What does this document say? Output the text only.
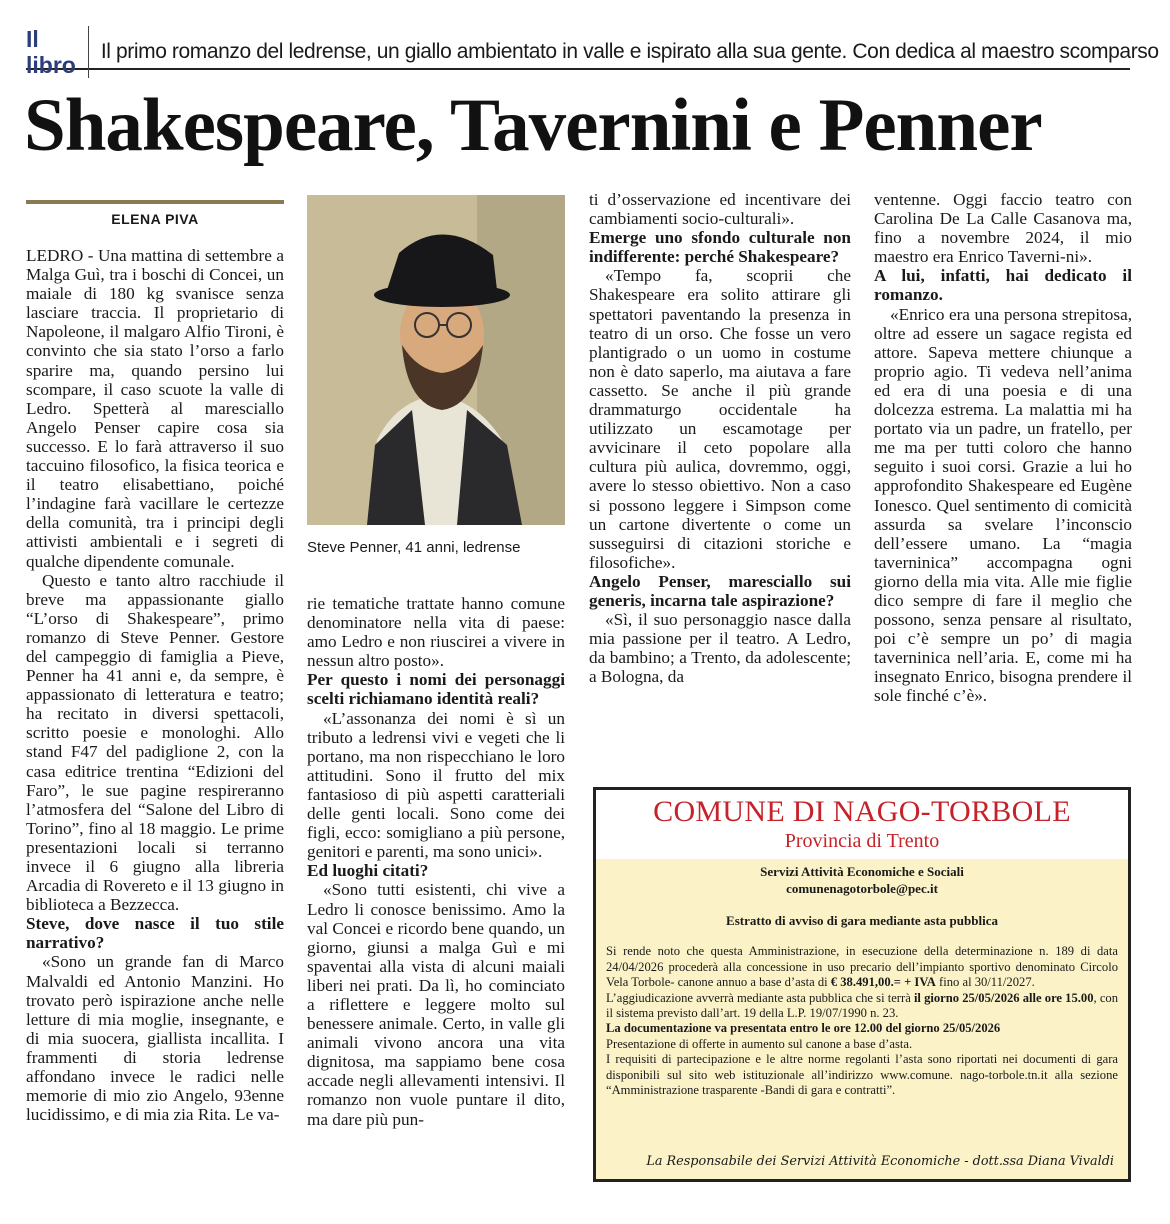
Il libro
Il primo romanzo del ledrense, un giallo ambientato in valle e ispirato alla sua gente. Con dedica al maestro scomparso
Shakespeare, Tavernini e Penner
ELENA PIVA

LEDRO - Una mattina di settembre a Malga Guì, tra i boschi di Concei, un maiale di 180 kg svanisce senza lasciare traccia. Il proprietario di Napoleone, il malgaro Alfio Tironi, è convinto che sia stato l’orso a farlo sparire ma, quando persino lui scompare, il caso scuote la valle di Ledro. Spetterà al maresciallo Angelo Penser capire cosa sia successo. E lo farà attraverso il suo taccuino filosofico, la fisica teorica e il teatro elisabettiano, poiché l’indagine farà vacillare le certezze della comunità, tra i principi degli attivisti ambientali e i segreti di qualche dipendente comunale.

Questo e tanto altro racchiude il breve ma appassionante giallo “L’orso di Shakespeare”, primo romanzo di Steve Penner. Gestore del campeggio di famiglia a Pieve, Penner ha 41 anni e, da sempre, è appassionato di letteratura e teatro; ha recitato in diversi spettacoli, scritto poesie e monologhi. Allo stand F47 del padiglione 2, con la casa editrice trentina “Edizioni del Faro”, le sue pagine respireranno l’atmosfera del “Salone del Libro di Torino”, fino al 18 maggio. Le prime presentazioni locali si terranno invece il 6 giugno alla libreria Arcadia di Rovereto e il 13 giugno in biblioteca a Bezzecca.

Steve, dove nasce il tuo stile narrativo?

«Sono un grande fan di Marco Malvaldi ed Antonio Manzini. Ho trovato però ispirazione anche nelle letture di mia moglie, insegnante, e di mia suocera, giallista incallita. I frammenti di storia ledrense affondano invece le radici nelle memorie di mio zio Angelo, 93enne lucidissimo, e di mia zia Rita. Le va-

Steve Penner, 41 anni, ledrense

rie tematiche trattate hanno comune denominatore nella vita di paese: amo Ledro e non riuscirei a vivere in nessun altro posto».

Per questo i nomi dei personaggi scelti richiamano identità reali?

«L’assonanza dei nomi è sì un tributo a ledrensi vivi e vegeti che li portano, ma non rispecchiano le loro attitudini. Sono il frutto del mix fantasioso di più aspetti caratteriali delle genti locali. Sono come dei figli, ecco: somigliano a più persone, genitori e parenti, ma sono unici».

Ed luoghi citati?

«Sono tutti esistenti, chi vive a Ledro li conosce benissimo. Amo la val Concei e ricordo bene quando, un giorno, giunsi a malga Guì e mi spaventai alla vista di alcuni maiali liberi nei prati. Da lì, ho cominciato a riflettere e leggere molto sul benessere animale. Certo, in valle gli animali vivono ancora una vita dignitosa, ma sappiamo bene cosa accade negli allevamenti intensivi. Il romanzo non vuole puntare il dito, ma dare più pun-

ti d’osservazione ed incentivare dei cambiamenti socio-culturali».

Emerge uno sfondo culturale non indifferente: perché Shakespeare?

«Tempo fa, scoprii che Shakespeare era solito attirare gli spettatori paventando la presenza in teatro di un orso. Che fosse un vero plantigrado o un uomo in costume non è dato saperlo, ma aiutava a fare cassetto. Se anche il più grande drammaturgo occidentale ha utilizzato un escamotage per avvicinare il ceto popolare alla cultura più aulica, dovremmo, oggi, avere lo stesso obiettivo. Non a caso si possono leggere i Simpson come un cartone divertente o come un susseguirsi di citazioni storiche e filosofiche».

Angelo Penser, maresciallo sui generis, incarna tale aspirazione?

«Sì, il suo personaggio nasce dalla mia passione per il teatro. A Ledro, da bambino; a Trento, da adolescente; a Bologna, da

ventenne. Oggi faccio teatro con Carolina De La Calle Casanova ma, fino a novembre 2024, il mio maestro era Enrico Taverni-ni».

A lui, infatti, hai dedicato il romanzo.

«Enrico era una persona strepitosa, oltre ad essere un sagace regista ed attore. Sapeva mettere chiunque a proprio agio. Ti vedeva nell’anima ed era di una poesia e di una dolcezza estrema. La malattia mi ha portato via un padre, un fratello, per me ma per tutti coloro che hanno seguito i suoi corsi. Grazie a lui ho approfondito Shakespeare ed Eugène Ionesco. Quel sentimento di comicità assurda sa svelare l’inconscio dell’essere umano. La “magia taverninica” accompagna ogni giorno della mia vita. Alle mie figlie dico sempre di fare il meglio che possono, senza pensare al risultato, poi c’è sempre un po’ di magia taverninica nell’aria. E, come mi ha insegnato Enrico, bisogna prendere il sole finché c’è».

COMUNE DI NAGO-TORBOLE
Provincia di Trento
Servizi Attività Economiche e Sociali
comunenagotorbole@pec.it
Estratto di avviso di gara mediante asta pubblica

Si rende noto che questa Amministrazione, in esecuzione della determinazione n. 189 di data 24/04/2026 procederà alla concessione in uso precario dell’impianto sportivo denominato Circolo Vela Torbole- canone annuo a base d’asta di € 38.491,00.= + IVA fino al 30/11/2027.

L’aggiudicazione avverrà mediante asta pubblica che si terrà il giorno 25/05/2026 alle ore 15.00, con il sistema previsto dall’art. 19 della L.P. 19/07/1990 n. 23.

La documentazione va presentata entro le ore 12.00 del giorno 25/05/2026

Presentazione di offerte in aumento sul canone a base d’asta.

I requisiti di partecipazione e le altre norme regolanti l’asta sono riportati nei documenti di gara disponibili sul sito web istituzionale all’indirizzo www.comune. nago-torbole.tn.it alla sezione “Amministrazione trasparente -Bandi di gara e contratti”.

La Responsabile dei Servizi Attività Economiche - dott.ssa Diana Vivaldi
